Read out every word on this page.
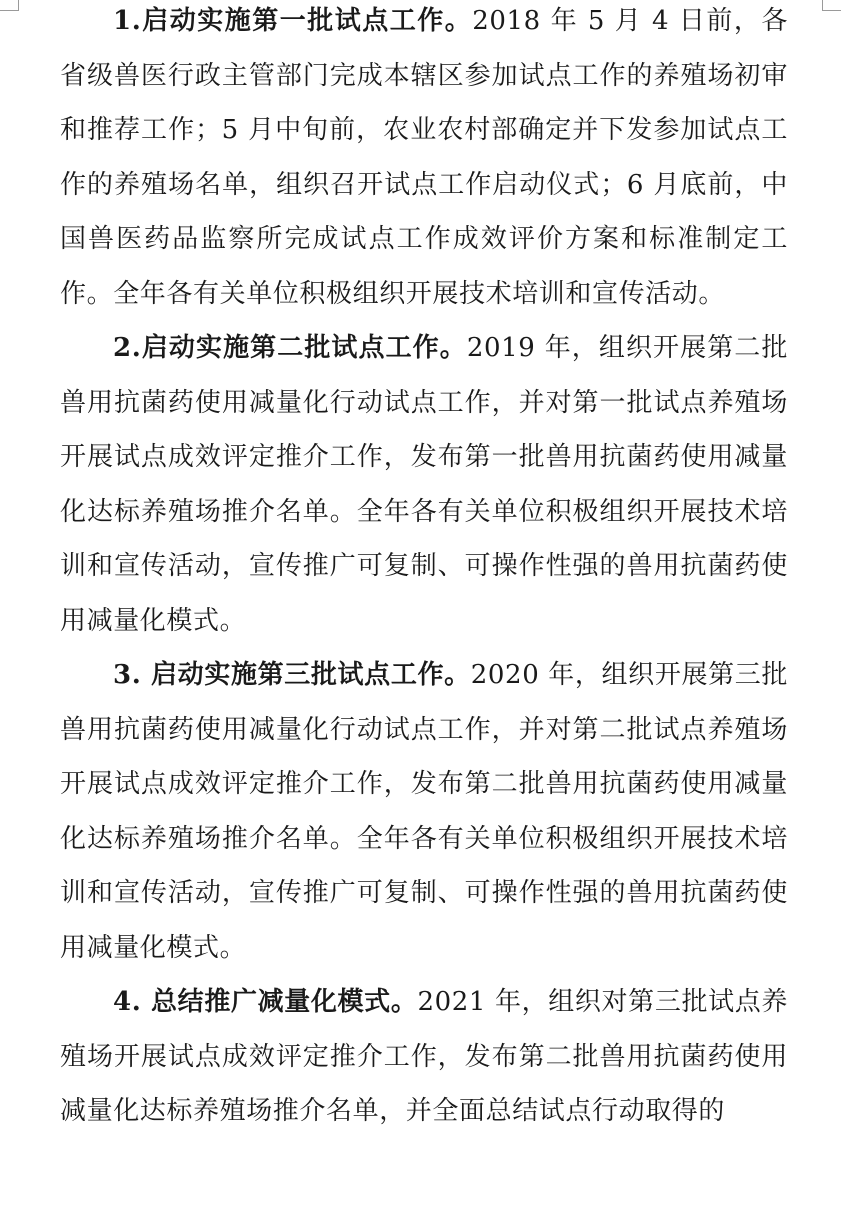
1.启动实施第一批试点工作。2018 年 5 月 4 日前，各省级兽医行政主管部门完成本辖区参加试点工作的养殖场初审和推荐工作；5 月中旬前，农业农村部确定并下发参加试点工作的养殖场名单，组织召开试点工作启动仪式；6 月底前，中国兽医药品监察所完成试点工作成效评价方案和标准制定工作。全年各有关单位积极组织开展技术培训和宣传活动。

2.启动实施第二批试点工作。2019 年，组织开展第二批兽用抗菌药使用减量化行动试点工作，并对第一批试点养殖场开展试点成效评定推介工作，发布第一批兽用抗菌药使用减量化达标养殖场推介名单。全年各有关单位积极组织开展技术培训和宣传活动，宣传推广可复制、可操作性强的兽用抗菌药使用减量化模式。

3. 启动实施第三批试点工作。2020 年，组织开展第三批兽用抗菌药使用减量化行动试点工作，并对第二批试点养殖场开展试点成效评定推介工作，发布第二批兽用抗菌药使用减量化达标养殖场推介名单。全年各有关单位积极组织开展技术培训和宣传活动，宣传推广可复制、可操作性强的兽用抗菌药使用减量化模式。

4. 总结推广减量化模式。2021 年，组织对第三批试点养殖场开展试点成效评定推介工作，发布第二批兽用抗菌药使用减量化达标养殖场推介名单，并全面总结试点行动取得的
